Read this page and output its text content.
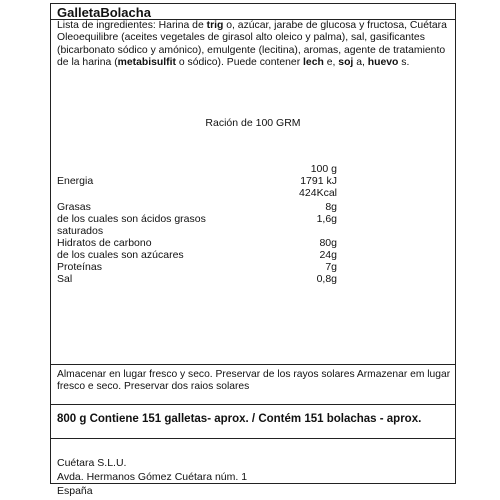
GalletaBolacha
Lista de ingredientes: Harina de trig o, azúcar, jarabe de glucosa y fructosa, Cuétara Oleoequilibre (aceites vegetales de girasol alto oleico y palma), sal, gasificantes (bicarbonato sódico y amónico), emulgente (lecitina), aromas, agente de tratamiento de la harina (metabisulfit o sódico). Puede contener lech e, soj a, huevo s.
Ración de 100 GRM
100 g
Energia	1791 kJ
424Kcal
Grasas	8g
de los cuales son ácidos grasos	1,6g
saturados
Hidratos de carbono	80g
de los cuales son azúcares	24g
Proteínas	7g
Sal	0,8g
Almacenar en lugar fresco y seco. Preservar de los rayos solares Armazenar em lugar fresco e seco. Preservar dos raios solares
800 g Contiene 151 galletas- aprox. / Contém 151 bolachas - aprox.
Cuétara S.L.U.
Avda. Hermanos Gómez Cuétara núm. 1
España
